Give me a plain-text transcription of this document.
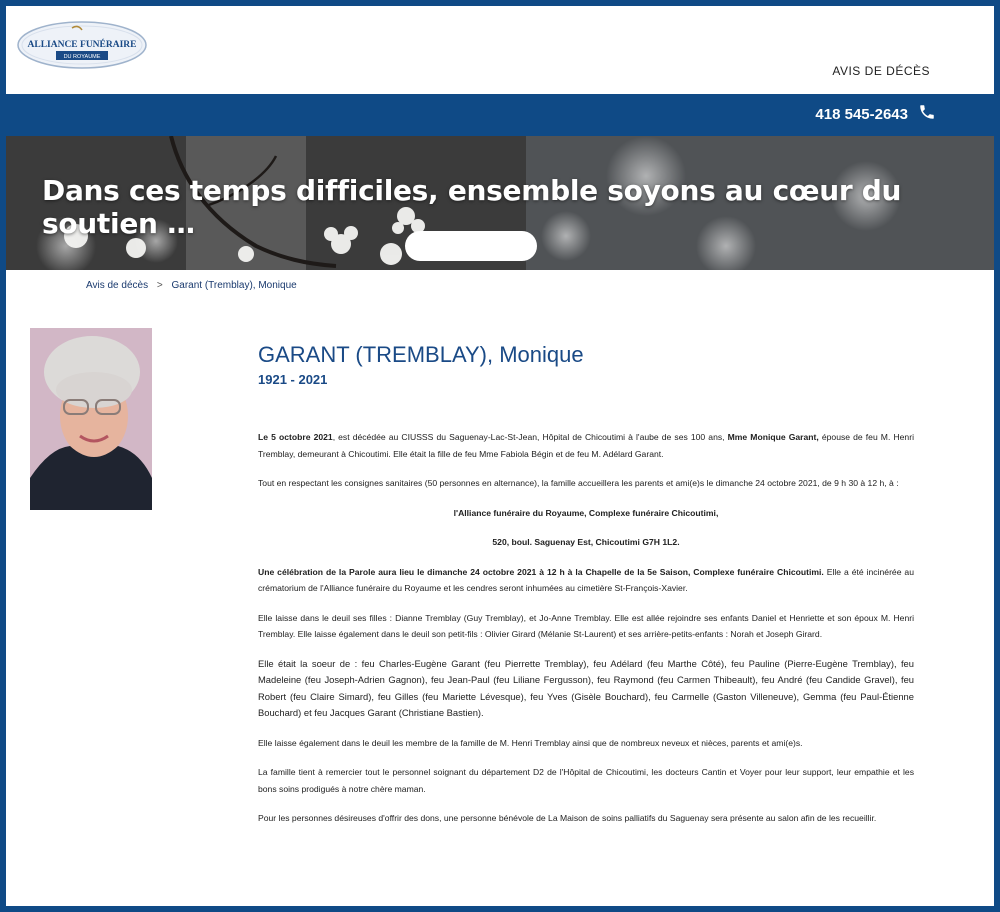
ALLIANCE FUNÉRAIRE
DU ROYAUME
AVIS DE DÉCÈS
418 545-2643
Dans ces temps difficiles, ensemble soyons au cœur du soutien …
Avis de décès > Garant (Tremblay), Monique
GARANT (TREMBLAY), Monique
1921 - 2021

Le 5 octobre 2021, est décédée au CIUSSS du Saguenay-Lac-St-Jean, Hôpital de Chicoutimi à l'aube de ses 100 ans, Mme Monique Garant, épouse de feu M. Henri Tremblay, demeurant à Chicoutimi. Elle était la fille de feu Mme Fabiola Bégin et de feu M. Adélard Garant.

Tout en respectant les consignes sanitaires (50 personnes en alternance), la famille accueillera les parents et ami(e)s le dimanche 24 octobre 2021, de 9 h 30 à 12 h, à :

l'Alliance funéraire du Royaume, Complexe funéraire Chicoutimi,

520, boul. Saguenay Est, Chicoutimi G7H 1L2.

Une célébration de la Parole aura lieu le dimanche 24 octobre 2021 à 12 h à la Chapelle de la 5e Saison, Complexe funéraire Chicoutimi. Elle a été incinérée au crématorium de l'Alliance funéraire du Royaume et les cendres seront inhumées au cimetière St-François-Xavier.

Elle laisse dans le deuil ses filles : Dianne Tremblay (Guy Tremblay), et Jo-Anne Tremblay. Elle est allée rejoindre ses enfants Daniel et Henriette et son époux M. Henri Tremblay. Elle laisse également dans le deuil son petit-fils : Olivier Girard (Mélanie St-Laurent) et ses arrière-petits-enfants : Norah et Joseph Girard.

Elle était la soeur de : feu Charles-Eugène Garant (feu Pierrette Tremblay), feu Adélard (feu Marthe Côté), feu Pauline (Pierre-Eugène Tremblay), feu Madeleine (feu Joseph-Adrien Gagnon), feu Jean-Paul (feu Liliane Fergusson), feu Raymond (feu Carmen Thibeault), feu André (feu Candide Gravel), feu Robert (feu Claire Simard), feu Gilles (feu Mariette Lévesque), feu Yves (Gisèle Bouchard), feu Carmelle (Gaston Villeneuve), Gemma (feu Paul-Étienne Bouchard) et feu Jacques Garant (Christiane Bastien).

Elle laisse également dans le deuil les membre de la famille de M. Henri Tremblay ainsi que de nombreux neveux et nièces, parents et ami(e)s.

La famille tient à remercier tout le personnel soignant du département D2 de l'Hôpital de Chicoutimi, les docteurs Cantin et Voyer pour leur support, leur empathie et les bons soins prodigués à notre chère maman.

Pour les personnes désireuses d'offrir des dons, une personne bénévole de La Maison de soins palliatifs du Saguenay sera présente au salon afin de les recueillir.
